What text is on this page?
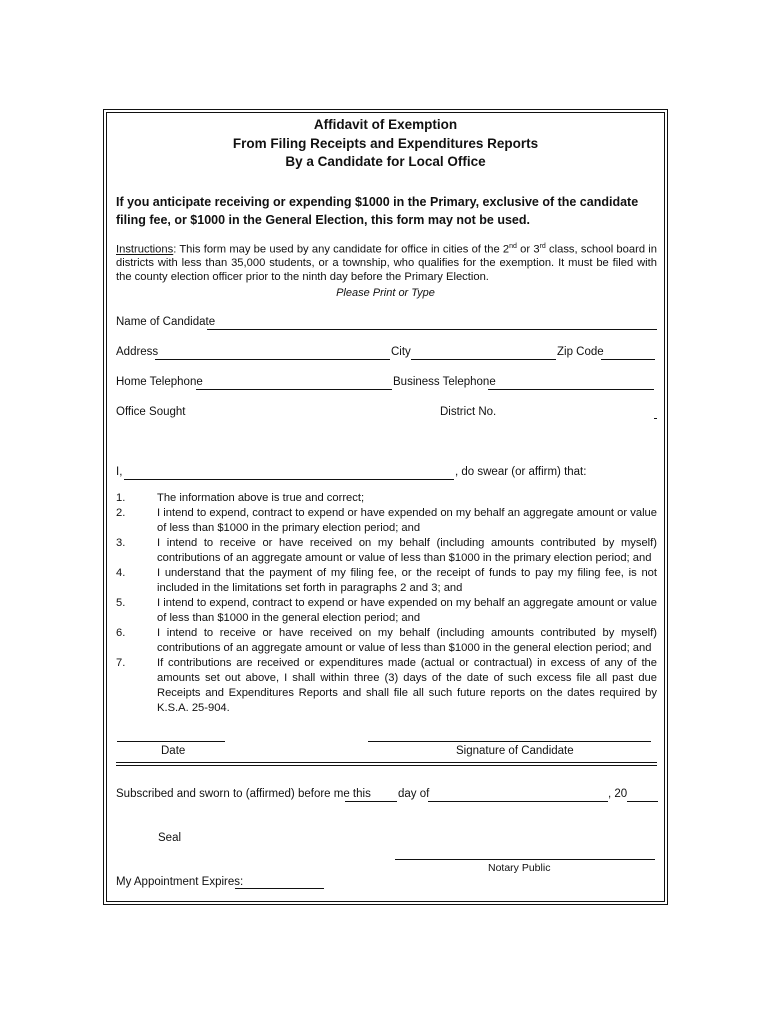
Affidavit of Exemption
From Filing Receipts and Expenditures Reports
By a Candidate for Local Office
If you anticipate receiving or expending $1000 in the Primary, exclusive of the candidate filing fee, or $1000 in the General Election, this form may not be used.
Instructions: This form may be used by any candidate for office in cities of the 2nd or 3rd class, school board in districts with less than 35,000 students, or a township, who qualifies for the exemption. It must be filed with the county election officer prior to the ninth day before the Primary Election.
Please Print or Type
Name of Candidate
Address	City	Zip Code
Home Telephone	Business Telephone
Office Sought	District No.
I,	, do swear (or affirm) that:
1.	The information above is true and correct;
2.	I intend to expend, contract to expend or have expended on my behalf an aggregate amount or value of less than $1000 in the primary election period; and
3.	I intend to receive or have received on my behalf (including amounts contributed by myself) contributions of an aggregate amount or value of less than $1000 in the primary election period; and
4.	I understand that the payment of my filing fee, or the receipt of funds to pay my filing fee, is not included in the limitations set forth in paragraphs 2 and 3; and
5.	I intend to expend, contract to expend or have expended on my behalf an aggregate amount or value of less than $1000 in the general election period; and
6.	I intend to receive or have received on my behalf (including amounts contributed by myself) contributions of an aggregate amount or value of less than $1000 in the general election period; and
7.	If contributions are received or expenditures made (actual or contractual) in excess of any of the amounts set out above, I shall within three (3) days of the date of such excess file all past due Receipts and Expenditures Reports and shall file all such future reports on the dates required by K.S.A. 25-904.
Date	Signature of Candidate
Subscribed and sworn to (affirmed) before me this day of	, 20
Seal
Notary Public
My Appointment Expires:
